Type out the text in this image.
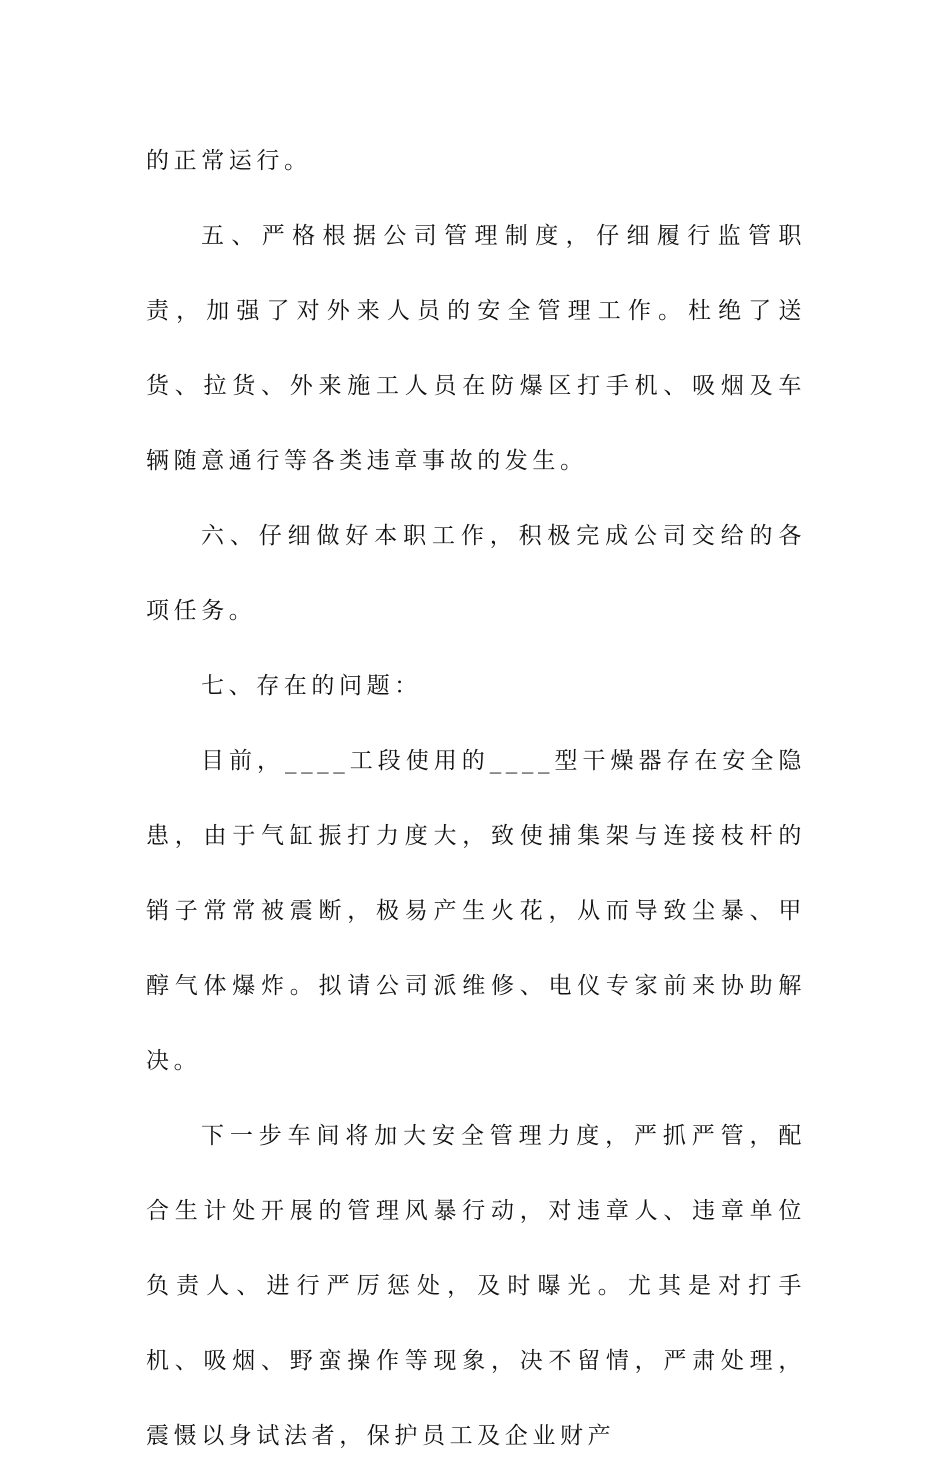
的正常运行。

五、严格根据公司管理制度，仔细履行监管职责，加强了对外来人员的安全管理工作。杜绝了送货、拉货、外来施工人员在防爆区打手机、吸烟及车辆随意通行等各类违章事故的发生。

六、仔细做好本职工作，积极完成公司交给的各项任务。

七、存在的问题：

目前，____工段使用的____型干燥器存在安全隐患，由于气缸振打力度大，致使捕集架与连接枝杆的销子常常被震断，极易产生火花，从而导致尘暴、甲醇气体爆炸。拟请公司派维修、电仪专家前来协助解决。

下一步车间将加大安全管理力度，严抓严管，配合生计处开展的管理风暴行动，对违章人、违章单位负责人、进行严厉惩处，及时曝光。尤其是对打手机、吸烟、野蛮操作等现象，决不留情，严肃处理，震慑以身试法者，保护员工及企业财产
